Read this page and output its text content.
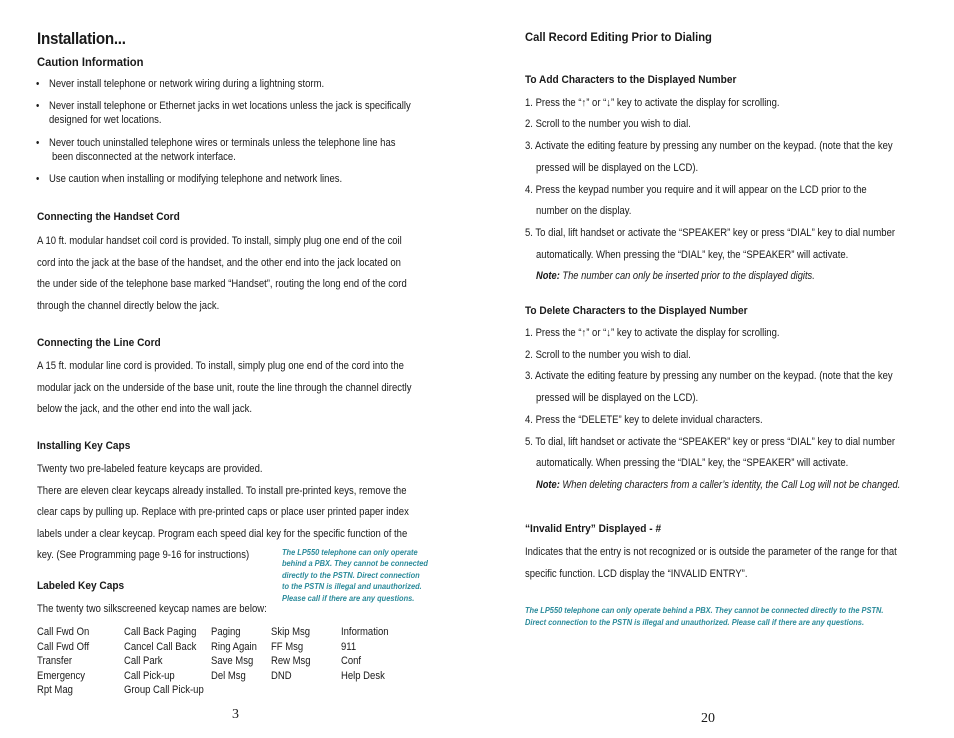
Installation...
Caution Information
• Never install telephone or network wiring during a lightning storm.
• Never install telephone or Ethernet jacks in wet locations unless the jack is specifically
designed for wet locations.
• Never touch uninstalled telephone wires or terminals unless the telephone line has
been disconnected at the network interface.
• Use caution when installing or modifying telephone and network lines.
Connecting the Handset Cord
A 10 ft. modular handset coil cord is provided. To install, simply plug one end of the coil
cord into the jack at the base of the handset, and the other end into the jack located on
the under side of the telephone base marked “Handset”, routing the long end of the cord
through the channel directly below the jack.
Connecting the Line Cord
A 15 ft. modular line cord is provided. To install, simply plug one end of the cord into the
modular jack on the underside of the base unit, route the line through the channel directly
below the jack, and the other end into the wall jack.
Installing Key Caps
Twenty two pre-labeled feature keycaps are provided.
There are eleven clear keycaps already installed. To install pre-printed keys, remove the
clear caps by pulling up. Replace with pre-printed caps or place user printed paper index
labels under a clear keycap. Program each speed dial key for the specific function of the
key. (See Programming page 9-16 for instructions)	The LP550 telephone can only operate
behind a PBX. They cannot be connected
directly to the PSTN. Direct connection
to the PSTN is illegal and unauthorized.
Please call if there are any questions.
Labeled Key Caps
The twenty two silkscreened keycap names are below:
Call Fwd On
Call Fwd Off
Transfer
Emergency
Rpt Mag
Call Back Paging
Cancel Call Back
Call Park
Call Pick-up
Group Call Pick-up
Paging
Ring Again
Save Msg
Del Msg
Skip Msg
FF Msg
Rew Msg
DND
Information
911
Conf
Help Desk
3
Call Record Editing Prior to Dialing
To Add Characters to the Displayed Number
1. Press the “↑” or “↓” key to activate the display for scrolling.
2. Scroll to the number you wish to dial.
3. Activate the editing feature by pressing any number on the keypad. (note that the key
pressed will be displayed on the LCD).
4. Press the keypad number you require and it will appear on the LCD prior to the
number on the display.
5. To dial, lift handset or activate the “SPEAKER” key or press “DIAL” key to dial number
automatically. When pressing the “DIAL” key, the “SPEAKER” will activate.
Note: The number can only be inserted prior to the displayed digits.
To Delete Characters to the Displayed Number
1. Press the “↑” or “↓” key to activate the display for scrolling.
2. Scroll to the number you wish to dial.
3. Activate the editing feature by pressing any number on the keypad. (note that the key
pressed will be displayed on the LCD).
4. Press the “DELETE” key to delete invidual characters.
5. To dial, lift handset or activate the “SPEAKER” key or press “DIAL” key to dial number
automatically. When pressing the “DIAL” key, the “SPEAKER” will activate.
Note: When deleting characters from a caller’s identity, the Call Log will not be changed.
“Invalid Entry” Displayed - #
Indicates that the entry is not recognized or is outside the parameter of the range for that
specific function. LCD display the “INVALID ENTRY”.
The LP550 telephone can only operate behind a PBX. They cannot be connected directly to the PSTN.
Direct connection to the PSTN is illegal and unauthorized. Please call if there are any questions.
20
